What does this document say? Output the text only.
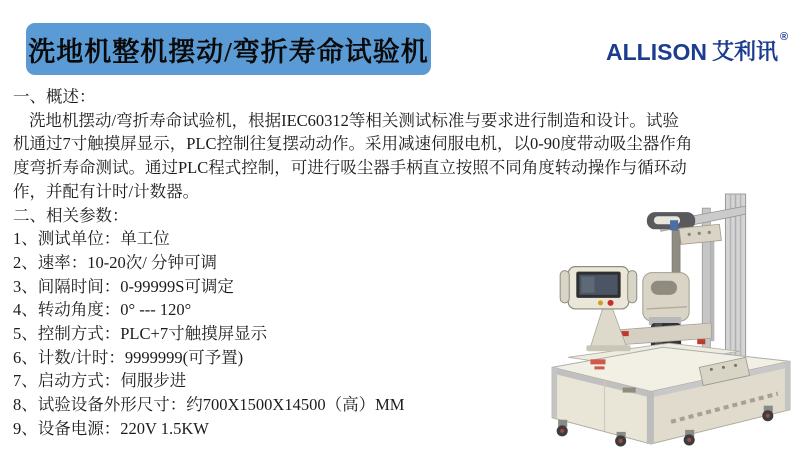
洗地机整机摆动/弯折寿命试验机	ALLISON 艾利讯
®
一、概述：
洗地机摆动/弯折寿命试验机，根据IEC60312等相关测试标准与要求进行制造和设计。试验
机通过7寸触摸屏显示，PLC控制往复摆动动作。采用减速伺服电机，以0-90度带动吸尘器作角
度弯折寿命测试。通过PLC程式控制，可进行吸尘器手柄直立按照不同角度转动操作与循环动
作，并配有计时/计数器。
二、相关参数：
1、测试单位：单工位
2、速率：10-20次/ 分钟可调
3、间隔时间：0-99999S可调定
4、转动角度：0° --- 120°
5、控制方式：PLC+7寸触摸屏显示
6、计数/计时：9999999(可予置)
7、启动方式：伺服步进
8、试验设备外形尺寸：约700X1500X14500（高）MM
9、设备电源：220V 1.5KW
